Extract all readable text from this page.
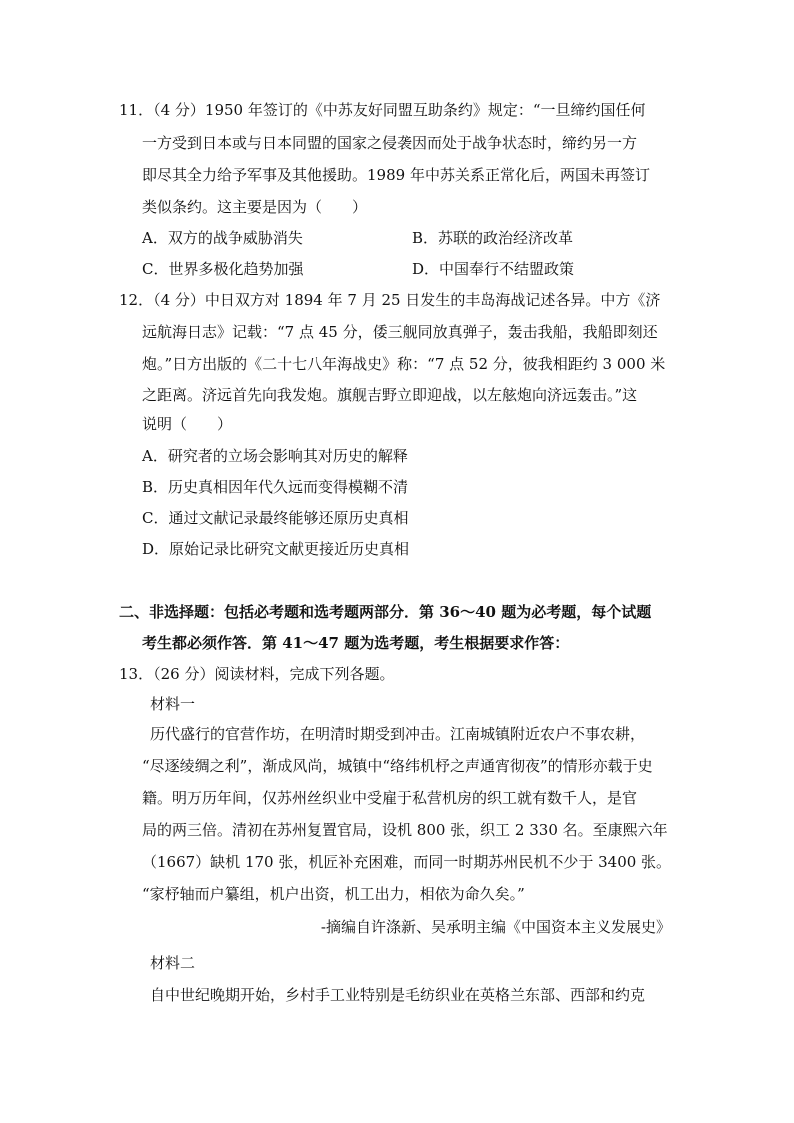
11．（4 分）1950 年签订的《中苏友好同盟互助条约》规定：“一旦缔约国任何
一方受到日本或与日本同盟的国家之侵袭因而处于战争状态时，缔约另一方
即尽其全力给予军事及其他援助。1989 年中苏关系正常化后，两国未再签订
类似条约。这主要是因为（　　）
A．双方的战争威胁消失	B．苏联的政治经济改革
C．世界多极化趋势加强	D．中国奉行不结盟政策
12．（4 分）中日双方对 1894 年 7 月 25 日发生的丰岛海战记述各异。中方《济
远航海日志》记载：“7 点 45 分，倭三舰同放真弹子，轰击我船，我船即刻还
炮。”日方出版的《二十七八年海战史》称：“7 点 52 分，彼我相距约 3 000 米
之距离。济远首先向我发炮。旗舰吉野立即迎战，以左舷炮向济远轰击。”这
说明（　　）
A．研究者的立场会影响其对历史的解释
B．历史真相因年代久远而变得模糊不清
C．通过文献记录最终能够还原历史真相
D．原始记录比研究文献更接近历史真相
二、非选择题：包括必考题和选考题两部分．第 36～40 题为必考题，每个试题
考生都必须作答．第 41～47 题为选考题，考生根据要求作答：
13．（26 分）阅读材料，完成下列各题。
材料一
历代盛行的官营作坊，在明清时期受到冲击。江南城镇附近农户不事农耕，
“尽逐绫绸之利”，渐成风尚，城镇中“络纬机杼之声通宵彻夜”的情形亦载于史
籍。明万历年间，仅苏州丝织业中受雇于私营机房的织工就有数千人，是官
局的两三倍。清初在苏州复置官局，设机 800 张，织工 2 330 名。至康熙六年
（1667）缺机 170 张，机匠补充困难，而同一时期苏州民机不少于 3400 张。
“家杼轴而户纂组，机户出资，机工出力，相依为命久矣。”
-摘编自许涤新、吴承明主编《中国资本主义发展史》
材料二
自中世纪晚期开始，乡村手工业特别是毛纺织业在英格兰东部、西部和约克
